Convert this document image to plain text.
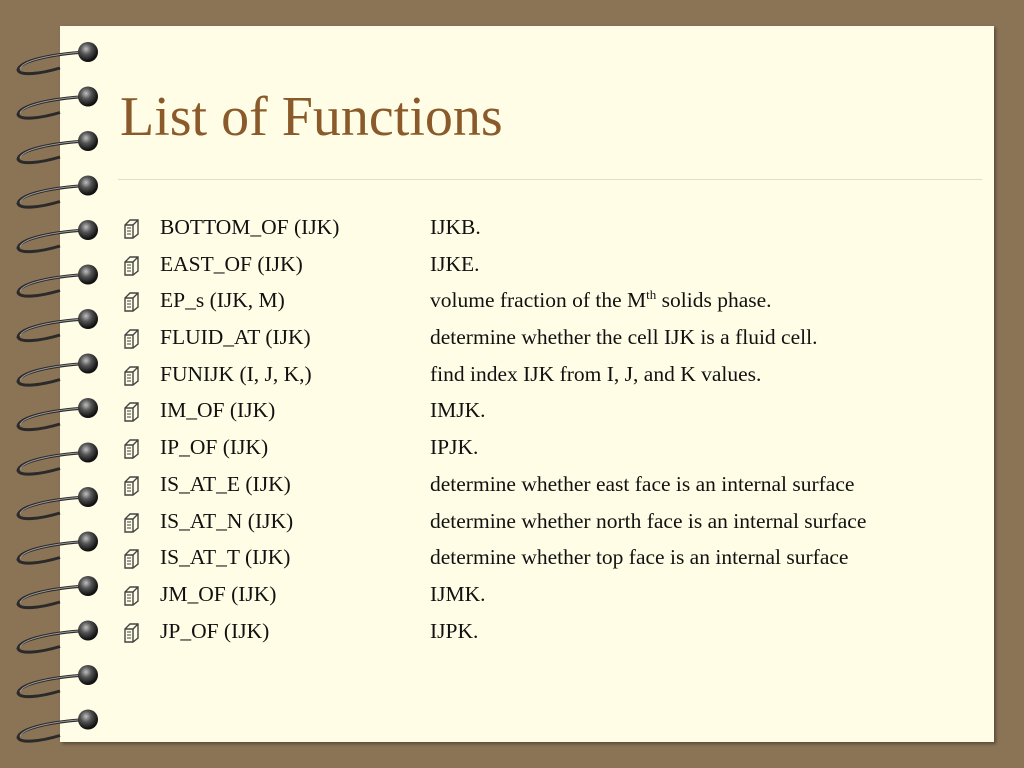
List of Functions
BOTTOM_OF (IJK)	IJKB.
EAST_OF (IJK)	IJKE.
EP_s (IJK, M)	volume fraction of the Mth solids phase.
FLUID_AT (IJK)	determine whether the cell IJK is a fluid cell.
FUNIJK (I, J, K,)	find index IJK from I, J, and K values.
IM_OF (IJK)	IMJK.
IP_OF (IJK)	IPJK.
IS_AT_E (IJK)	determine whether east face is an internal surface
IS_AT_N (IJK)	determine whether north face is an internal surface
IS_AT_T (IJK)	determine whether top face is an internal surface
JM_OF (IJK)	IJMK.
JP_OF (IJK)	IJPK.
